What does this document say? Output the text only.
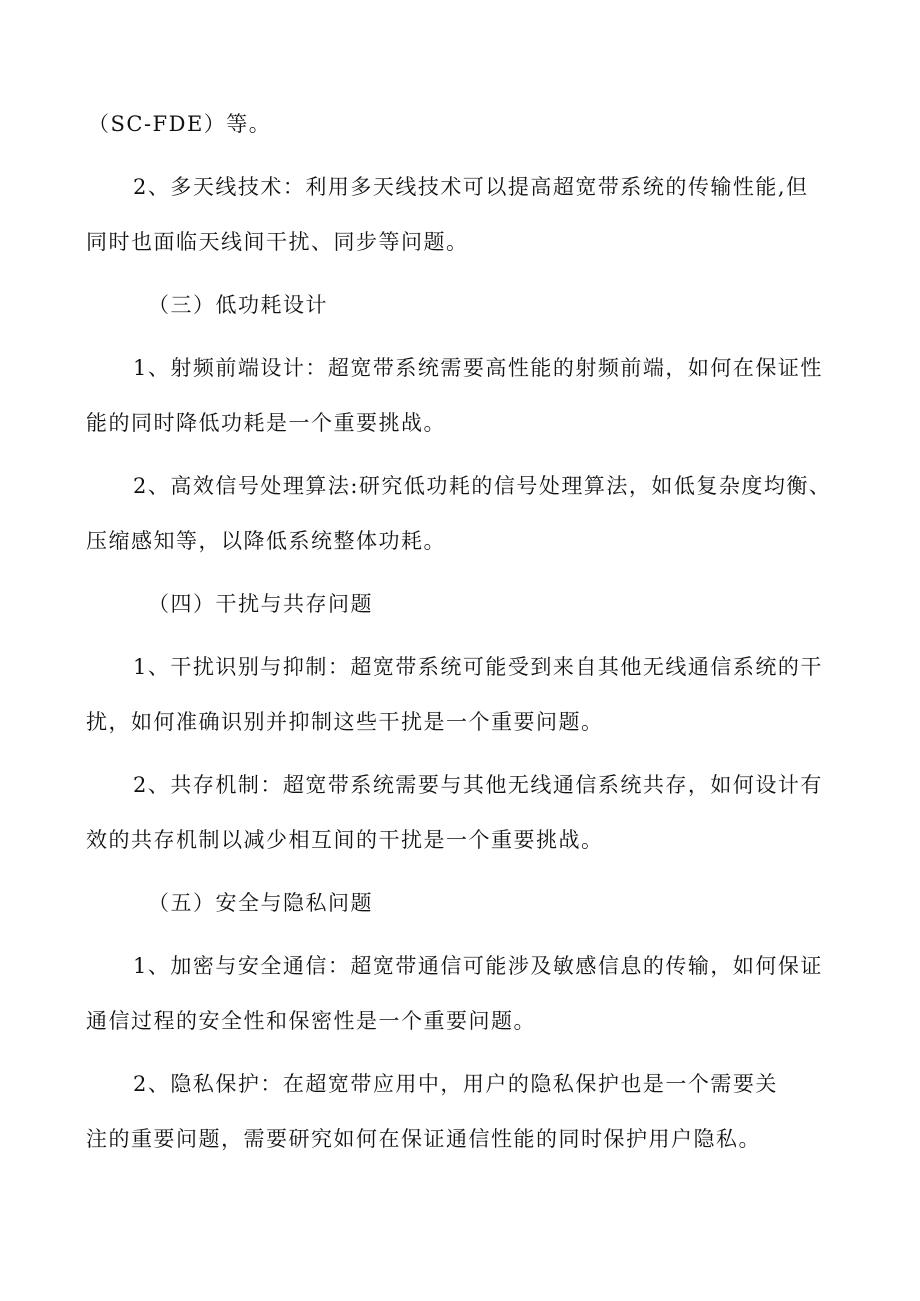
（SC-FDE）等。
2、多天线技术：利用多天线技术可以提高超宽带系统的传输性能,但
同时也面临天线间干扰、同步等问题。
（三）低功耗设计
1、射频前端设计：超宽带系统需要高性能的射频前端，如何在保证性
能的同时降低功耗是一个重要挑战。
2、高效信号处理算法:研究低功耗的信号处理算法，如低复杂度均衡、
压缩感知等，以降低系统整体功耗。
（四）干扰与共存问题
1、干扰识别与抑制：超宽带系统可能受到来自其他无线通信系统的干
扰，如何准确识别并抑制这些干扰是一个重要问题。
2、共存机制：超宽带系统需要与其他无线通信系统共存，如何设计有
效的共存机制以减少相互间的干扰是一个重要挑战。
（五）安全与隐私问题
1、加密与安全通信：超宽带通信可能涉及敏感信息的传输，如何保证
通信过程的安全性和保密性是一个重要问题。
2、隐私保护：在超宽带应用中，用户的隐私保护也是一个需要关
注的重要问题，需要研究如何在保证通信性能的同时保护用户隐私。
